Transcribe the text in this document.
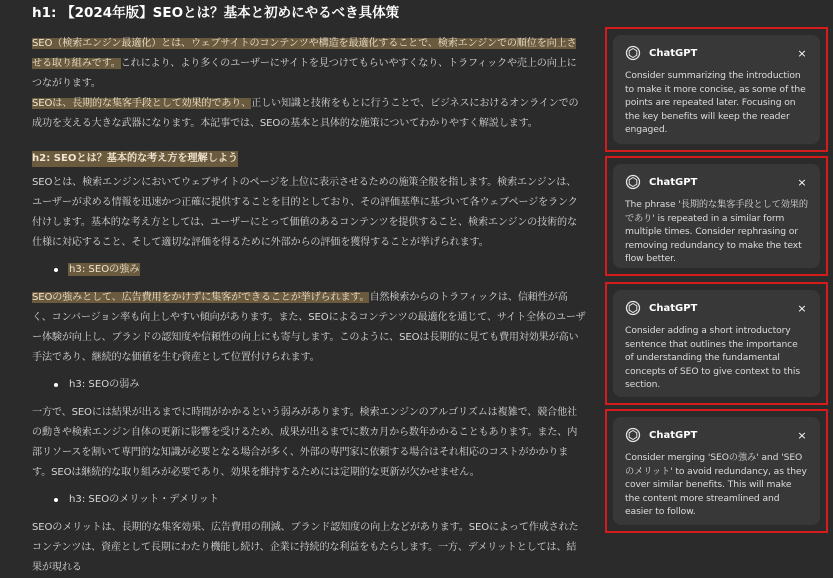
h1: 【2024年版】SEOとは？基本と初めにやるべき具体策

SEO（検索エンジン最適化）とは、ウェブサイトのコンテンツや構造を最適化することで、検索エンジンでの順位を向上させる取り組みです。これにより、より多くのユーザーにサイトを見つけてもらいやすくなり、トラフィックや売上の向上につながります。
SEOは、長期的な集客手段として効果的であり、正しい知識と技術をもとに行うことで、ビジネスにおけるオンラインでの成功を支える大きな武器になります。本記事では、SEOの基本と具体的な施策についてわかりやすく解説します。

h2: SEOとは？基本的な考え方を理解しよう

SEOとは、検索エンジンにおいてウェブサイトのページを上位に表示させるための施策全般を指します。検索エンジンは、ユーザーが求める情報を迅速かつ正確に提供することを目的としており、その評価基準に基づいて各ウェブページをランク付けします。基本的な考え方としては、ユーザーにとって価値のあるコンテンツを提供すること、検索エンジンの技術的な仕様に対応すること、そして適切な評価を得るために外部からの評価を獲得することが挙げられます。

h3: SEOの強み

SEOの強みとして、広告費用をかけずに集客ができることが挙げられます。自然検索からのトラフィックは、信頼性が高く、コンバージョン率も向上しやすい傾向があります。また、SEOによるコンテンツの最適化を通じて、サイト全体のユーザー体験が向上し、ブランドの認知度や信頼性の向上にも寄与します。このように、SEOは長期的に見ても費用対効果が高い手法であり、継続的な価値を生む資産として位置付けられます。

h3: SEOの弱み

一方で、SEOには結果が出るまでに時間がかかるという弱みがあります。検索エンジンのアルゴリズムは複雑で、競合他社の動きや検索エンジン自体の更新に影響を受けるため、成果が出るまでに数カ月から数年かかることもあります。また、内部リソースを割いて専門的な知識が必要となる場合が多く、外部の専門家に依頼する場合はそれ相応のコストがかかります。SEOは継続的な取り組みが必要であり、効果を維持するためには定期的な更新が欠かせません。

h3: SEOのメリット・デメリット

SEOのメリットは、長期的な集客効果、広告費用の削減、ブランド認知度の向上などがあります。SEOによって作成されたコンテンツは、資産として長期にわたり機能し続け、企業に持続的な利益をもたらします。一方、デメリットとしては、結果が現れる

ChatGPT	×
Consider summarizing the introduction to make it more concise, as some of the points are repeated later. Focusing on the key benefits will keep the reader engaged.
ChatGPT	×
The phrase '長期的な集客手段として効果的であり' is repeated in a similar form multiple times. Consider rephrasing or removing redundancy to make the text flow better.
ChatGPT	×
Consider adding a short introductory sentence that outlines the importance of understanding the fundamental concepts of SEO to give context to this section.
ChatGPT	×
Consider merging 'SEOの強み' and 'SEOのメリット' to avoid redundancy, as they cover similar benefits. This will make the content more streamlined and easier to follow.
